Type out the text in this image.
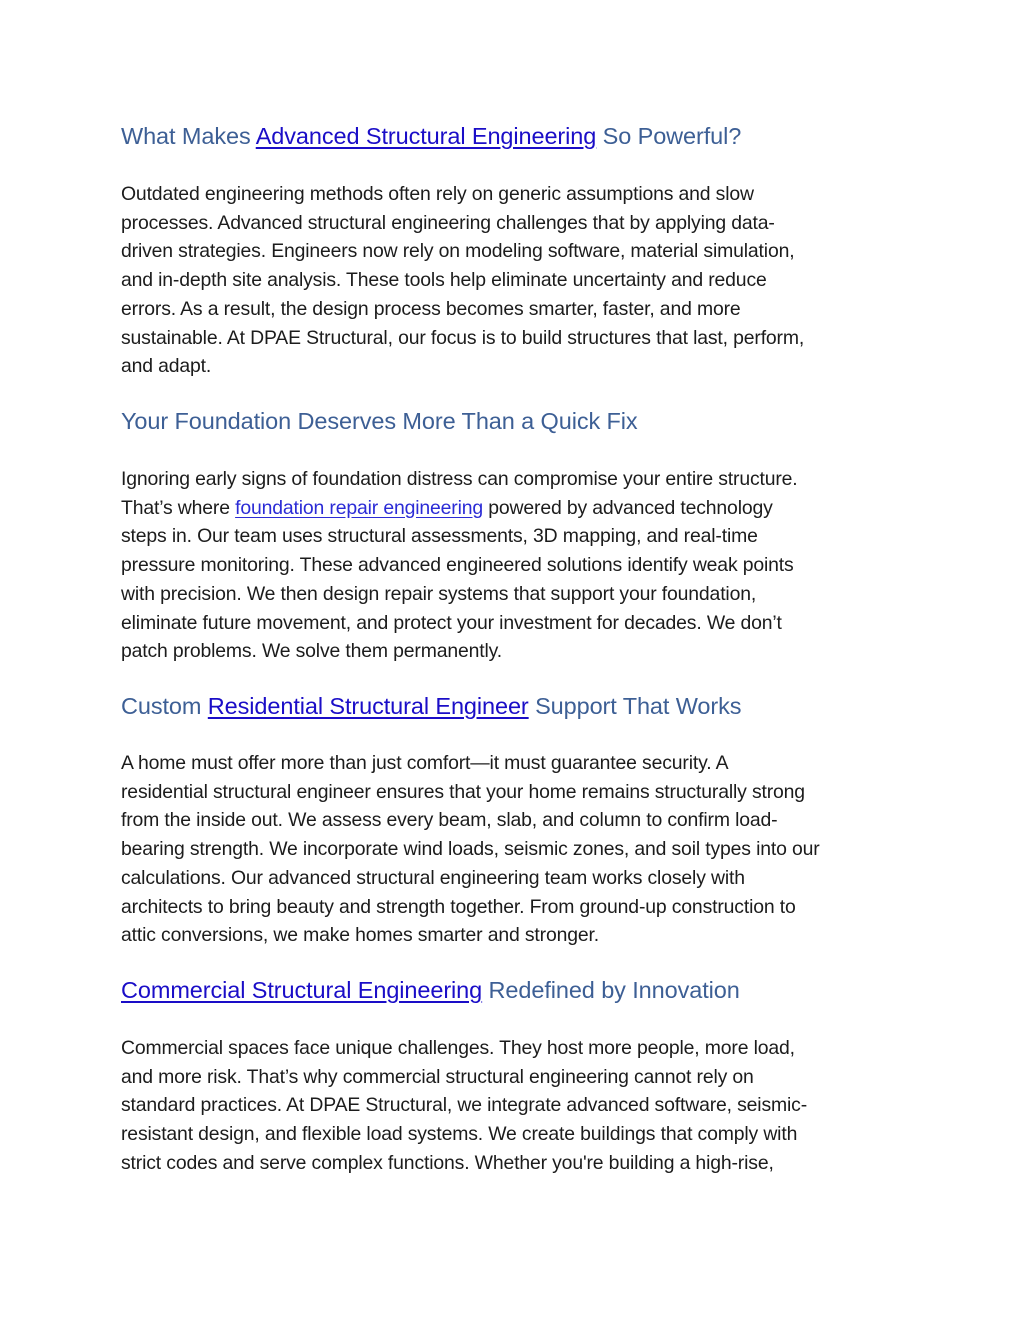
What Makes Advanced Structural Engineering So Powerful?

Outdated engineering methods often rely on generic assumptions and slow
processes. Advanced structural engineering challenges that by applying data-
driven strategies. Engineers now rely on modeling software, material simulation,
and in-depth site analysis. These tools help eliminate uncertainty and reduce
errors. As a result, the design process becomes smarter, faster, and more
sustainable. At DPAE Structural, our focus is to build structures that last, perform,
and adapt.

Your Foundation Deserves More Than a Quick Fix

Ignoring early signs of foundation distress can compromise your entire structure.
That’s where foundation repair engineering powered by advanced technology
steps in. Our team uses structural assessments, 3D mapping, and real-time
pressure monitoring. These advanced engineered solutions identify weak points
with precision. We then design repair systems that support your foundation,
eliminate future movement, and protect your investment for decades. We don’t
patch problems. We solve them permanently.

Custom Residential Structural Engineer Support That Works

A home must offer more than just comfort—it must guarantee security. A
residential structural engineer ensures that your home remains structurally strong
from the inside out. We assess every beam, slab, and column to confirm load-
bearing strength. We incorporate wind loads, seismic zones, and soil types into our
calculations. Our advanced structural engineering team works closely with
architects to bring beauty and strength together. From ground-up construction to
attic conversions, we make homes smarter and stronger.

Commercial Structural Engineering Redefined by Innovation

Commercial spaces face unique challenges. They host more people, more load,
and more risk. That’s why commercial structural engineering cannot rely on
standard practices. At DPAE Structural, we integrate advanced software, seismic-
resistant design, and flexible load systems. We create buildings that comply with
strict codes and serve complex functions. Whether you're building a high-rise,
